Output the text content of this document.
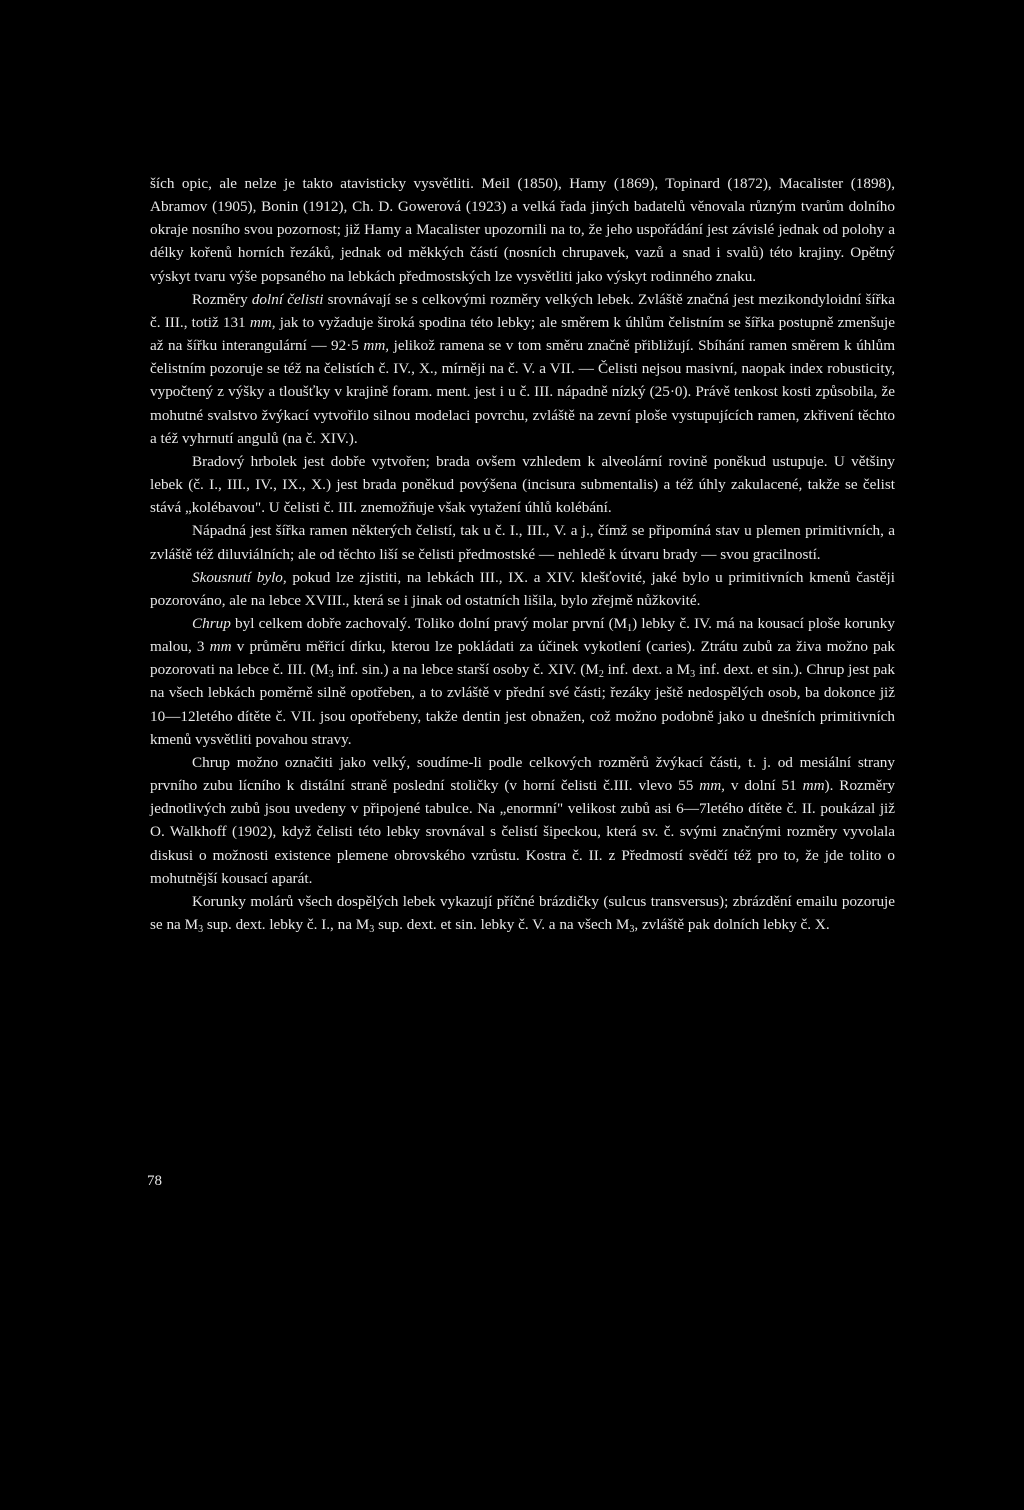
ších opic, ale nelze je takto atavisticky vysvětliti. Meil (1850), Hamy (1869), Topinard (1872), Macalister (1898), Abramov (1905), Bonin (1912), Ch. D. Gowerová (1923) a velká řada jiných badatelů věnovala různým tvarům dolního okraje nosního svou pozornost; již Hamy a Macalister upozornili na to, že jeho uspořádání jest závislé jednak od polohy a délky kořenů horních řezáků, jednak od měkkých částí (nosních chrupavek, vazů a snad i svalů) této krajiny. Opětný výskyt tvaru výše popsaného na lebkách předmostských lze vysvětliti jako výskyt rodinného znaku.

Rozměry dolní čelisti srovnávají se s celkovými rozměry velkých lebek. Zvláště značná jest mezikondyloidní šířka č. III., totiž 131 mm, jak to vyžaduje široká spodina této lebky; ale směrem k úhlům čelistním se šířka postupně zmenšuje až na šířku interangulární — 92·5 mm, jelikož ramena se v tom směru značně přibližují. Sbíhání ramen směrem k úhlům čelistním pozoruje se též na čelistích č. IV., X., mírněji na č. V. a VII. — Čelisti nejsou masivní, naopak index robusticity, vypočtený z výšky a tloušťky v krajině foram. ment. jest i u č. III. nápadně nízký (25·0). Právě tenkost kosti způsobila, že mohutné svalstvo žvýkací vytvořilo silnou modelaci povrchu, zvláště na zevní ploše vystupujících ramen, zkřivení těchto a též vyhrnutí angulů (na č. XIV.).

Bradový hrbolek jest dobře vytvořen; brada ovšem vzhledem k alveolární rovině poněkud ustupuje. U většiny lebek (č. I., III., IV., IX., X.) jest brada poněkud povýšena (incisura submentalis) a též úhly zakulacené, takže se čelist stává „kolébavou". U čelisti č. III. znemožňuje však vytažení úhlů kolébání.

Nápadná jest šířka ramen některých čelistí, tak u č. I., III., V. a j., čímž se připomíná stav u plemen primitivních, a zvláště též diluviálních; ale od těchto liší se čelisti předmostské — nehledě k útvaru brady — svou gracilností.

Skousnutí bylo, pokud lze zjistiti, na lebkách III., IX. a XIV. klešťovité, jaké bylo u primitivních kmenů častěji pozorováno, ale na lebce XVIII., která se i jinak od ostatních lišila, bylo zřejmě nůžkovité.

Chrup byl celkem dobře zachovalý. Toliko dolní pravý molar první $(M_1)$ lebky č. IV. má na kousací ploše korunky malou, 3 mm v průměru měřicí dírku, kterou lze pokládati za účinek vykotlení (caries). Ztrátu zubů za živa možno pak pozorovati na lebce č. III. ($M_3$ inf. sin.) a na lebce starší osoby č. XIV. ($M_2$ inf. dext. a $M_3$ inf. dext. et sin.). Chrup jest pak na všech lebkách poměrně silně opotřeben, a to zvláště v přední své části; řezáky ještě nedospělých osob, ba dokonce již 10—12letého dítěte č. VII. jsou opotřebeny, takže dentin jest obnažen, což možno podobně jako u dnešních primitivních kmenů vysvětliti povahou stravy.

Chrup možno označiti jako velký, soudíme-li podle celkových rozměrů žvýkací části, t. j. od mesiální strany prvního zubu lícního k distální straně poslední stoličky (v horní čelisti č.III. vlevo 55 mm, v dolní 51 mm). Rozměry jednotlivých zubů jsou uvedeny v připojené tabulce. Na „enormní" velikost zubů asi 6—7letého dítěte č. II. poukázal již O. Walkhoff (1902), když čelisti této lebky srovnával s čelistí šipeckou, která sv. č. svými značnými rozměry vyvolala diskusi o možnosti existence plemene obrovského vzrůstu. Kostra č. II. z Předmostí svědčí též pro to, že jde tolito o mohutnější kousací aparát.

Korunky molárů všech dospělých lebek vykazují příčné brázdičky (sulcus transversus); zbrázdění emailu pozoruje se na $M_3$ sup. dext. lebky č. I., na $M_3$ sup. dext. et sin. lebky č. V. a na všech $M_3$, zvláště pak dolních lebky č. X.

78
